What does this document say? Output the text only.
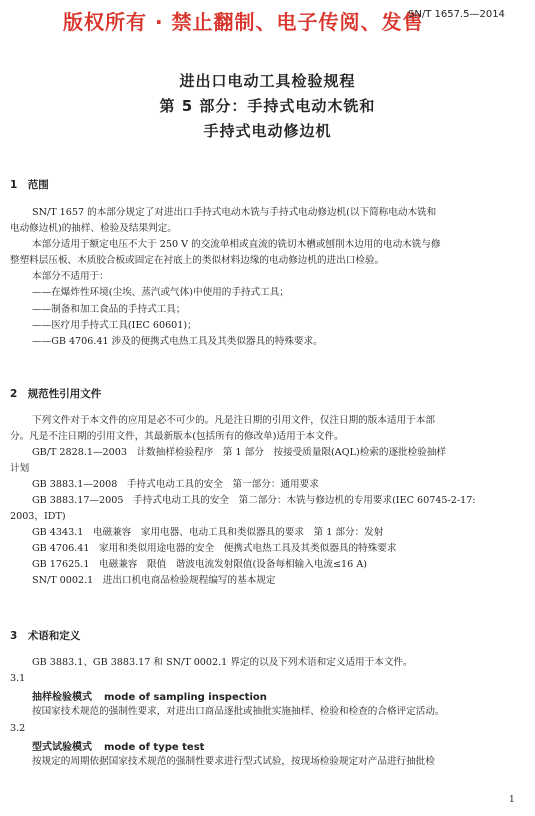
版权所有 · 禁止翻制、电子传阅、发售
SN/T 1657.5—2014
进出口电动工具检验规程
第 5 部分：手持式电动木铣和
手持式电动修边机
1　范围
SN/T 1657 的本部分规定了对进出口手持式电动木铣与手持式电动修边机(以下简称电动木铣和
电动修边机)的抽样、检验及结果判定。
本部分适用于额定电压不大于 250 V 的交流单相或直流的铣切木槽或刨削木边用的电动木铣与修
整塑料层压板、木质胶合板或固定在衬底上的类似材料边缘的电动修边机的进出口检验。
本部分不适用于：
——在爆炸性环境(尘埃、蒸汽或气体)中使用的手持式工具；
——制备和加工食品的手持式工具；
——医疗用手持式工具(IEC 60601)；
——GB 4706.41 涉及的便携式电热工具及其类似器具的特殊要求。
2　规范性引用文件
下列文件对于本文件的应用是必不可少的。凡是注日期的引用文件，仅注日期的版本适用于本部
分。凡是不注日期的引用文件，其最新版本(包括所有的修改单)适用于本文件。
GB/T 2828.1—2003　计数抽样检验程序　第 1 部分　按接受质量限(AQL)检索的逐批检验抽样
计划
GB 3883.1—2008　手持式电动工具的安全　第一部分：通用要求
GB 3883.17—2005　手持式电动工具的安全　第二部分：木铣与修边机的专用要求(IEC 60745-2-17:
2003，IDT)
GB 4343.1　电磁兼容　家用电器、电动工具和类似器具的要求　第 1 部分：发射
GB 4706.41　家用和类似用途电器的安全　便携式电热工具及其类似器具的特殊要求
GB 17625.1　电磁兼容　限值　谐波电流发射限值(设备每相输入电流≤16 A)
SN/T 0002.1　进出口机电商品检验规程编写的基本规定
3　术语和定义
GB 3883.1、GB 3883.17 和 SN/T 0002.1 界定的以及下列术语和定义适用于本文件。
3.1
抽样检验模式 mode of sampling inspection
按国家技术规范的强制性要求，对进出口商品逐批或抽批实施抽样、检验和检查的合格评定活动。
3.2
型式试验模式 mode of type test
按规定的周期依据国家技术规范的强制性要求进行型式试验，按现场检验规定对产品进行抽批检
1
